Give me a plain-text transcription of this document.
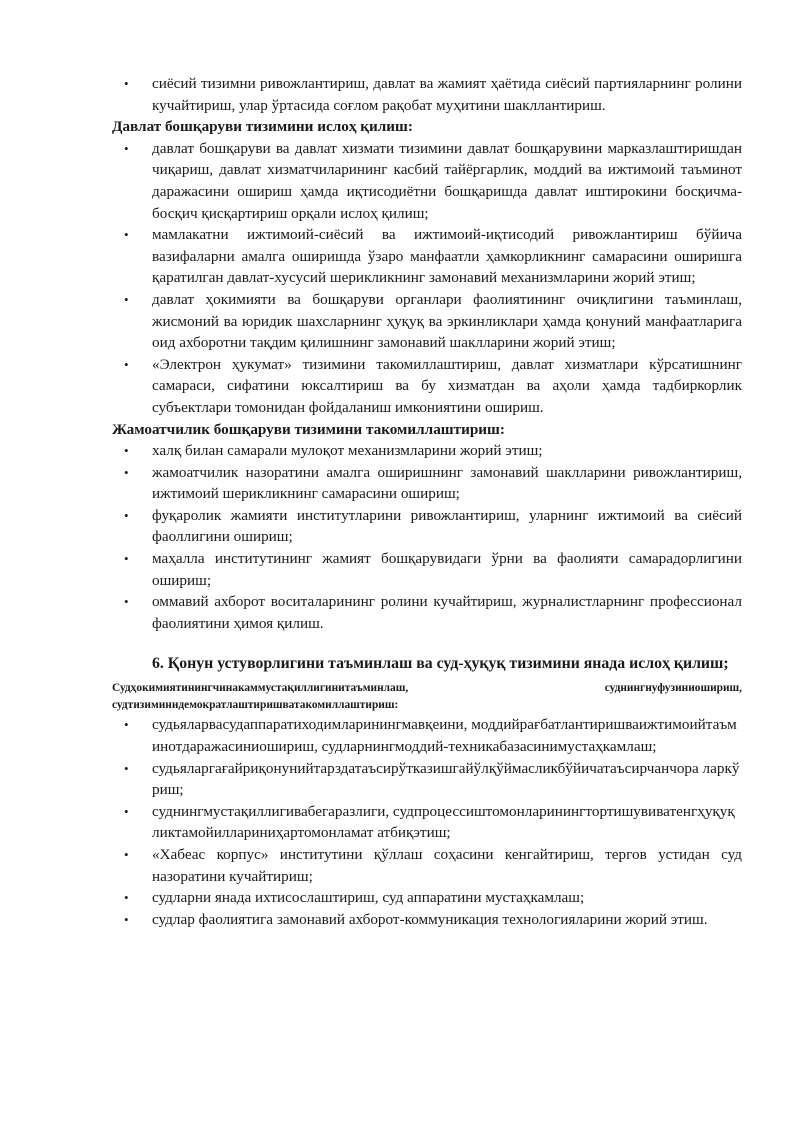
• сиёсий тизимни ривожлантириш, давлат ва жамият ҳаётида сиёсий партияларнинг ролини кучайтириш, улар ўртасида соғлом рақобат муҳитини шакллантириш.
Давлат бошқаруви тизимини ислоҳ қилиш:
• давлат бошқаруви ва давлат хизмати тизимини давлат бошқарувини марказлаштиришдан чиқариш, давлат хизматчиларининг касбий тайёргарлик, моддий ва ижтимоий таъминот даражасини ошириш ҳамда иқтисодиётни бошқаришда давлат иштирокини босқичма-босқич қисқартириш орқали ислоҳ қилиш;
• мамлакатни ижтимоий-сиёсий ва ижтимоий-иқтисодий ривожлантириш бўйича вазифаларни амалга оширишда ўзаро манфаатли ҳамкорликнинг самарасини оширишга қаратилган давлат-хусусий шерикликнинг замонавий механизмларини жорий этиш;
• давлат ҳокимияти ва бошқаруви органлари фаолиятининг очиқлигини таъминлаш, жисмоний ва юридик шахсларнинг ҳуқуқ ва эркинликлари ҳамда қонуний манфаатларига оид ахборотни тақдим қилишнинг замонавий шаклларини жорий этиш;
• «Электрон ҳукумат» тизимини такомиллаштириш, давлат хизматлари кўрсатишнинг самараси, сифатини юксалтириш ва бу хизматдан ва аҳоли ҳамда тадбиркорлик субъектлари томонидан фойдаланиш имкониятини ошириш.
Жамоатчилик бошқаруви тизимини такомиллаштириш:
• халқ билан самарали мулоқот механизмларини жорий этиш;
• жамоатчилик назоратини амалга оширишнинг замонавий шаклларини ривожлантириш, ижтимоий шерикликнинг самарасини ошириш;
• фуқаролик жамияти институтларини ривожлантириш, уларнинг ижтимоий ва сиёсий фаоллигини ошириш;
• маҳалла институтининг жамият бошқарувидаги ўрни ва фаолияти самарадорлигини ошириш;
• оммавий ахборот воситаларининг ролини кучайтириш, журналистларнинг профессионал фаолиятини ҳимоя қилиш.
6. Қонун устуворлигини таъминлаш ва суд-ҳуқуқ тизимини янада ислоҳ қилиш;
Судҳокимиятинингчинакаммустақиллигинитаъминлаш,	суднингнуфузиниошириш,
судтизиминидемократлаштиришватакомиллаштириш:
• судьяларвасудаппаратиходимларинингмавқеини, моддийрағбатлантиришваижтимоийтаъминотдаражасиниошириш, судларнингмоддий-техникабазасинимустаҳкамлаш;
• судьяларгағайриқонунийтарздатаъсирўтказишгайўлқўймасликбўйичатаъсирчанчора ларкўриш;
• суднингмустақиллигивабегаразлиги, судпроцессиштомонларинингтортишувиватенгҳуқуқликтамойиллариниҳартомонламат атбиқэтиш;
• «Хабеас корпус» институтини қўллаш соҳасини кенгайтириш, тергов устидан суд назоратини кучайтириш;
• судларни янада ихтисослаштириш, суд аппаратини мустаҳкамлаш;
• судлар фаолиятига замонавий ахборот-коммуникация технологияларини жорий этиш.
